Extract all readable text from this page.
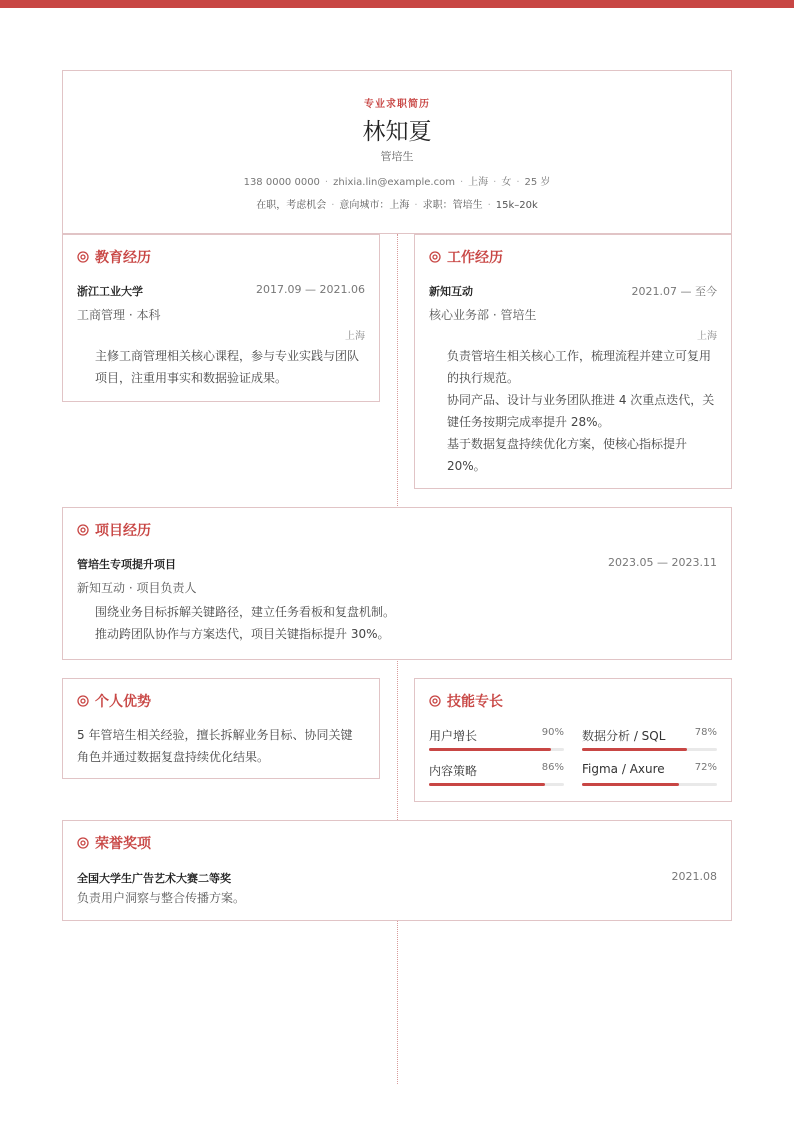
专业求职简历
林知夏
管培生
138 0000 0000 · zhixia.lin@example.com · 上海 · 女 · 25 岁
在职，考虑机会 · 意向城市：上海 · 求职：管培生 · 15k–20k
教育经历
浙江工业大学	2017.09 — 2021.06
工商管理 · 本科
上海

主修工商管理相关核心课程，参与专业实践与团队

项目，注重用事实和数据验证成果。

工作经历
新知互动	2021.07 — 至今
核心业务部 · 管培生
上海

负责管培生相关核心工作，梳理流程并建立可复用

的执行规范。

协同产品、设计与业务团队推进 4 次重点迭代，关

键任务按期完成率提升 28%。

基于数据复盘持续优化方案，使核心指标提升

20%。

项目经历
管培生专项提升项目	2023.05 — 2023.11
新知互动 · 项目负责人

围绕业务目标拆解关键路径，建立任务看板和复盘机制。

推动跨团队协作与方案迭代，项目关键指标提升 30%。

个人优势

5 年管培生相关经验，擅长拆解业务目标、协同关键

角色并通过数据复盘持续优化结果。

技能专长
用户增长	90% 数据分析 / SQL	78%
内容策略	86% Figma / Axure	72%
荣誉奖项
全国大学生广告艺术大赛二等奖	2021.08
负责用户洞察与整合传播方案。
